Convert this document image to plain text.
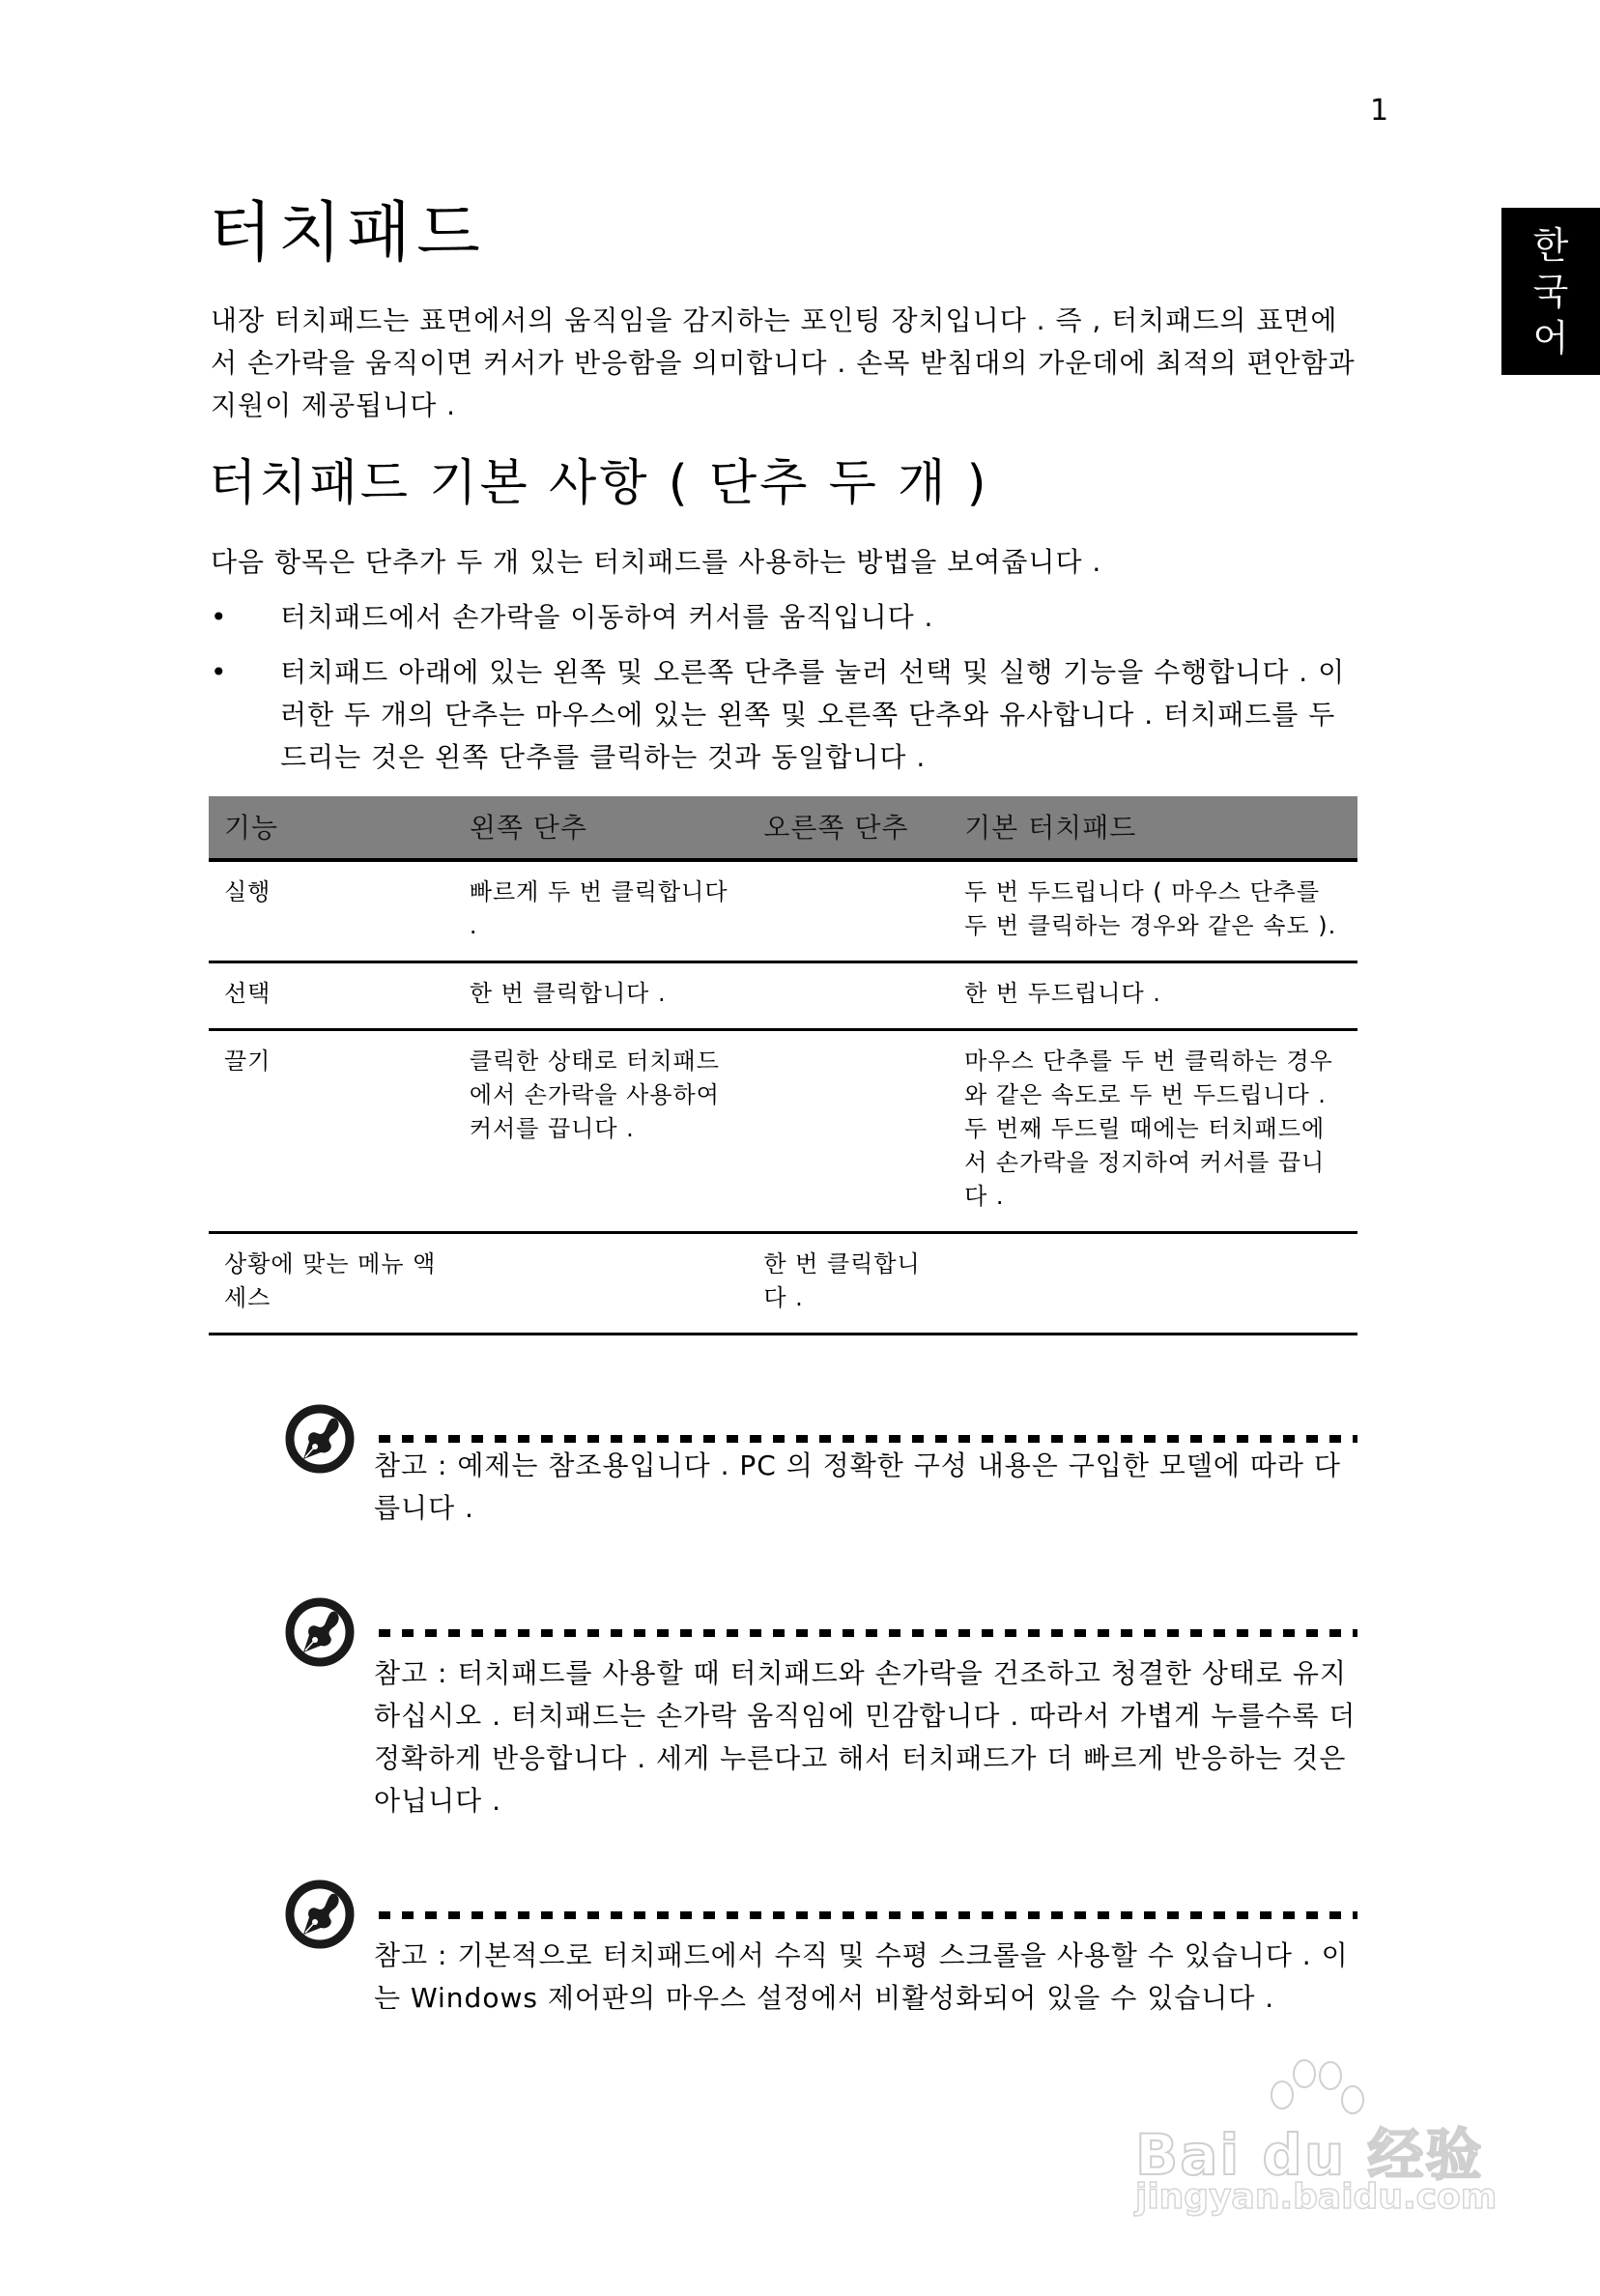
1
한
국
어
터치패드

내장 터치패드는 표면에서의 움직임을 감지하는 포인팅 장치입니다 . 즉 , 터치패드의 표면에서 손가락을 움직이면 커서가 반응함을 의미합니다 . 손목 받침대의 가운데에 최적의 편안함과 지원이 제공됩니다 .

터치패드 기본 사항 ( 단추 두 개 )

다음 항목은 단추가 두 개 있는 터치패드를 사용하는 방법을 보여줍니다 .

• 터치패드에서 손가락을 이동하여 커서를 움직입니다 .
• 터치패드 아래에 있는 왼쪽 및 오른쪽 단추를 눌러 선택 및 실행 기능을 수행합니다 . 이러한 두 개의 단추는 마우스에 있는 왼쪽 및 오른쪽 단추와 유사합니다 . 터치패드를 두드리는 것은 왼쪽 단추를 클릭하는 것과 동일합니다 .
기능	왼쪽 단추	오른쪽 단추	기본 터치패드
실행	빠르게 두 번 클릭합니다 .		두 번 두드립니다 ( 마우스 단추를 두 번 클릭하는 경우와 같은 속도 ).
선택	한 번 클릭합니다 .		한 번 두드립니다 .
끌기	클릭한 상태로 터치패드에서 손가락을 사용하여 커서를 끕니다 .		마우스 단추를 두 번 클릭하는 경우와 같은 속도로 두 번 두드립니다 . 두 번째 두드릴 때에는 터치패드에서 손가락을 정지하여 커서를 끕니다 .
상황에 맞는 메뉴 액세스		한 번 클릭합니다 .	

참고 : 예제는 참조용입니다 . PC 의 정확한 구성 내용은 구입한 모델에 따라 다릅니다 .

참고 : 터치패드를 사용할 때 터치패드와 손가락을 건조하고 청결한 상태로 유지하십시오 . 터치패드는 손가락 움직임에 민감합니다 . 따라서 가볍게 누를수록 더 정확하게 반응합니다 . 세게 누른다고 해서 터치패드가 더 빠르게 반응하는 것은 아닙니다 .

참고 : 기본적으로 터치패드에서 수직 및 수평 스크롤을 사용할 수 있습니다 . 이는 Windows 제어판의 마우스 설정에서 비활성화되어 있을 수 있습니다 .

Bai du 经验
jingyan.baidu.com
